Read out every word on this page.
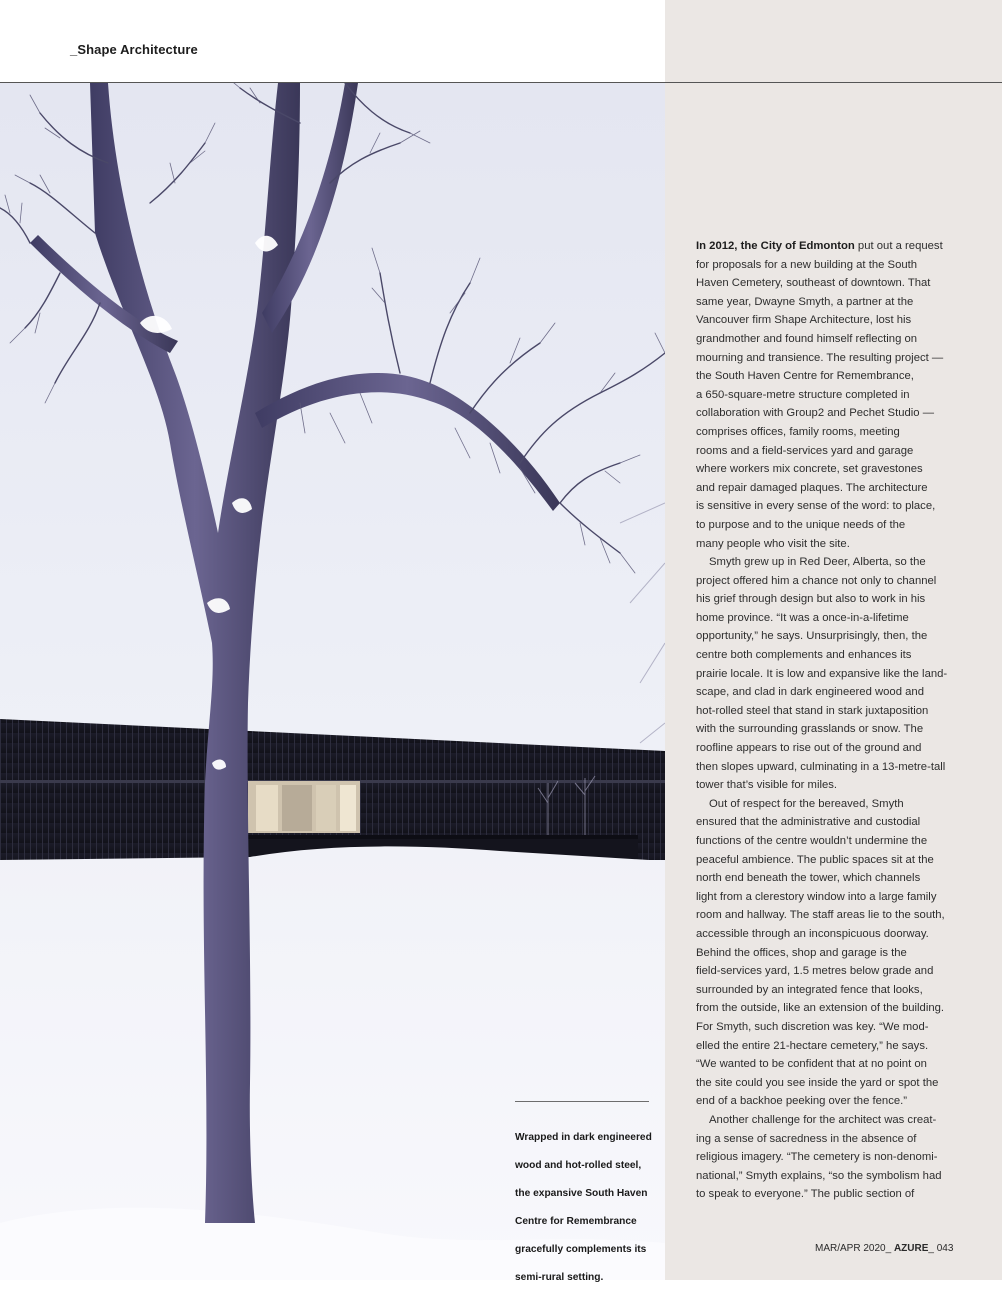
_Shape Architecture

Wrapped in dark engineered

wood and hot-rolled steel,

the expansive South Haven

Centre for Remembrance

gracefully complements its

semi-rural setting.

In 2012, the City of Edmonton put out a request
for proposals for a new building at the South
Haven Cemetery, southeast of downtown. That
same year, Dwayne Smyth, a partner at the
Vancouver firm Shape Architecture, lost his
grandmother and found himself reflecting on
mourning and transience. The resulting project —
the South Haven Centre for Remembrance,
a 650-square-metre structure completed in
collaboration with Group2 and Pechet Studio —
comprises offices, family rooms, meeting
rooms and a field-services yard and garage
where workers mix concrete, set gravestones
and repair damaged plaques. The architecture
is sensitive in every sense of the word: to place,
to purpose and to the unique needs of the
many people who visit the site.

Smyth grew up in Red Deer, Alberta, so the
project offered him a chance not only to channel
his grief through design but also to work in his
home province. “It was a once-in-a-lifetime
opportunity,” he says. Unsurprisingly, then, the
centre both complements and enhances its
prairie locale. It is low and expansive like the land-
scape, and clad in dark engineered wood and
hot-rolled steel that stand in stark juxtaposition
with the surrounding grasslands or snow. The
roofline appears to rise out of the ground and
then slopes upward, culminating in a 13-metre-tall
tower that’s visible for miles.

Out of respect for the bereaved, Smyth
ensured that the administrative and custodial
functions of the centre wouldn’t undermine the
peaceful ambience. The public spaces sit at the
north end beneath the tower, which channels
light from a clerestory window into a large family
room and hallway. The staff areas lie to the south,
accessible through an inconspicuous doorway.
Behind the offices, shop and garage is the
field-services yard, 1.5 metres below grade and
surrounded by an integrated fence that looks,
from the outside, like an extension of the building.
For Smyth, such discretion was key. “We mod-
elled the entire 21-hectare cemetery,” he says.
“We wanted to be confident that at no point on
the site could you see inside the yard or spot the
end of a backhoe peeking over the fence.”

Another challenge for the architect was creat-
ing a sense of sacredness in the absence of
religious imagery. “The cemetery is non-denomi-
national,” Smyth explains, “so the symbolism had
to speak to everyone.” The public section of

MAR/APR 2020_ AZURE_ 043
